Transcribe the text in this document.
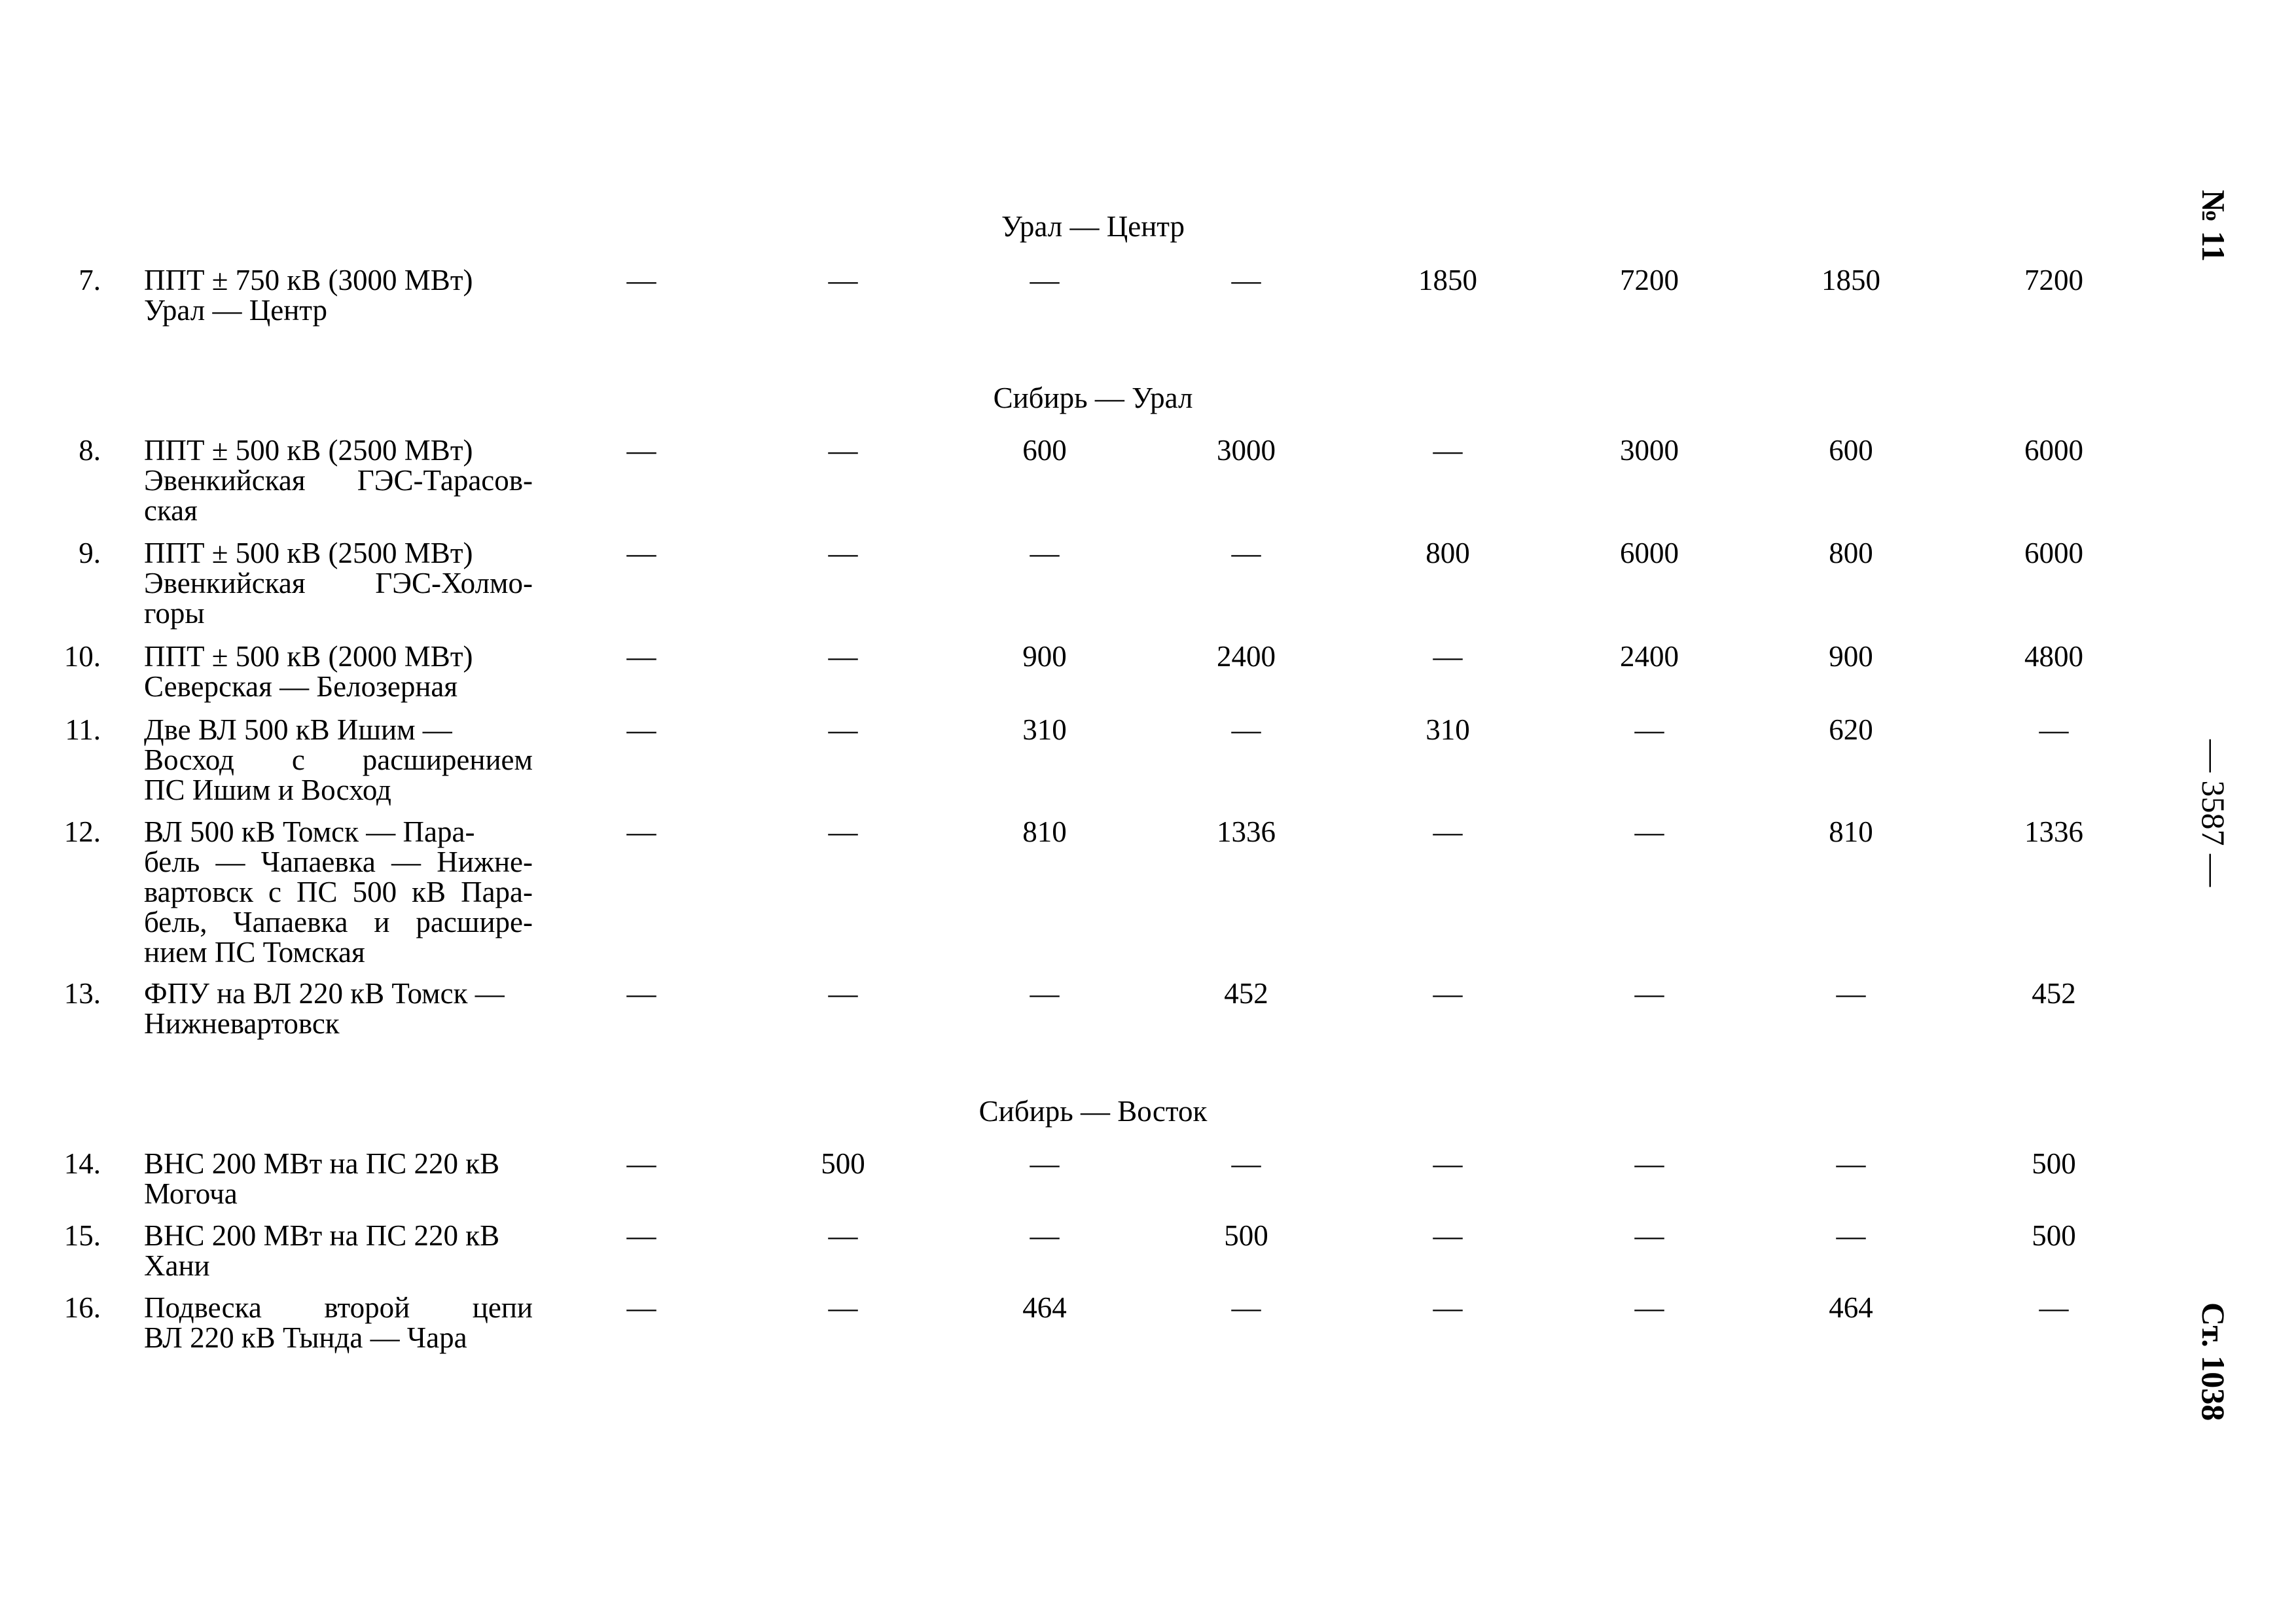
Урал — Центр
7. ППТ ± 750 кВ (3000 МВт)
Урал — Центр
—	—	—	—	1850	7200	1850	7200
Сибирь — Урал
8. ППТ ± 500 кВ (2500 МВт)
Эвенкийская ГЭС-Тарасов-
ская
—	—	600	3000	—	3000	600	6000
9. ППТ ± 500 кВ (2500 МВт)
Эвенкийская ГЭС-Холмо-
горы
—	—	—	—	800	6000	800	6000
10. ППТ ± 500 кВ (2000 МВт)
Северская — Белозерная
—	—	900	2400	—	2400	900	4800
11. Две ВЛ 500 кВ Ишим —
Восход с расширением
ПС Ишим и Восход
—	—	310	—	310	—	620	—
12. ВЛ 500 кВ Томск — Пара-
бель — Чапаевка — Нижне-
вартовск с ПС 500 кВ Пара-
бель, Чапаевка и расшире-
нием ПС Томская
—	—	810	1336	—	—	810	1336
13. ФПУ на ВЛ 220 кВ Томск —
Нижневартовск
—	—	—	452	—	—	—	452
Сибирь — Восток
14. ВНС 200 МВт на ПС 220 кВ
Могоча
—	500	—	—	—	—	—	500
15. ВНС 200 МВт на ПС 220 кВ
Хани
—	—	—	500	—	—	—	500
16. Подвеска второй цепи
ВЛ 220 кВ Тында — Чара
—	—	464	—	—	—	464	—
№ 11
— 3587 —
Ст. 1038
